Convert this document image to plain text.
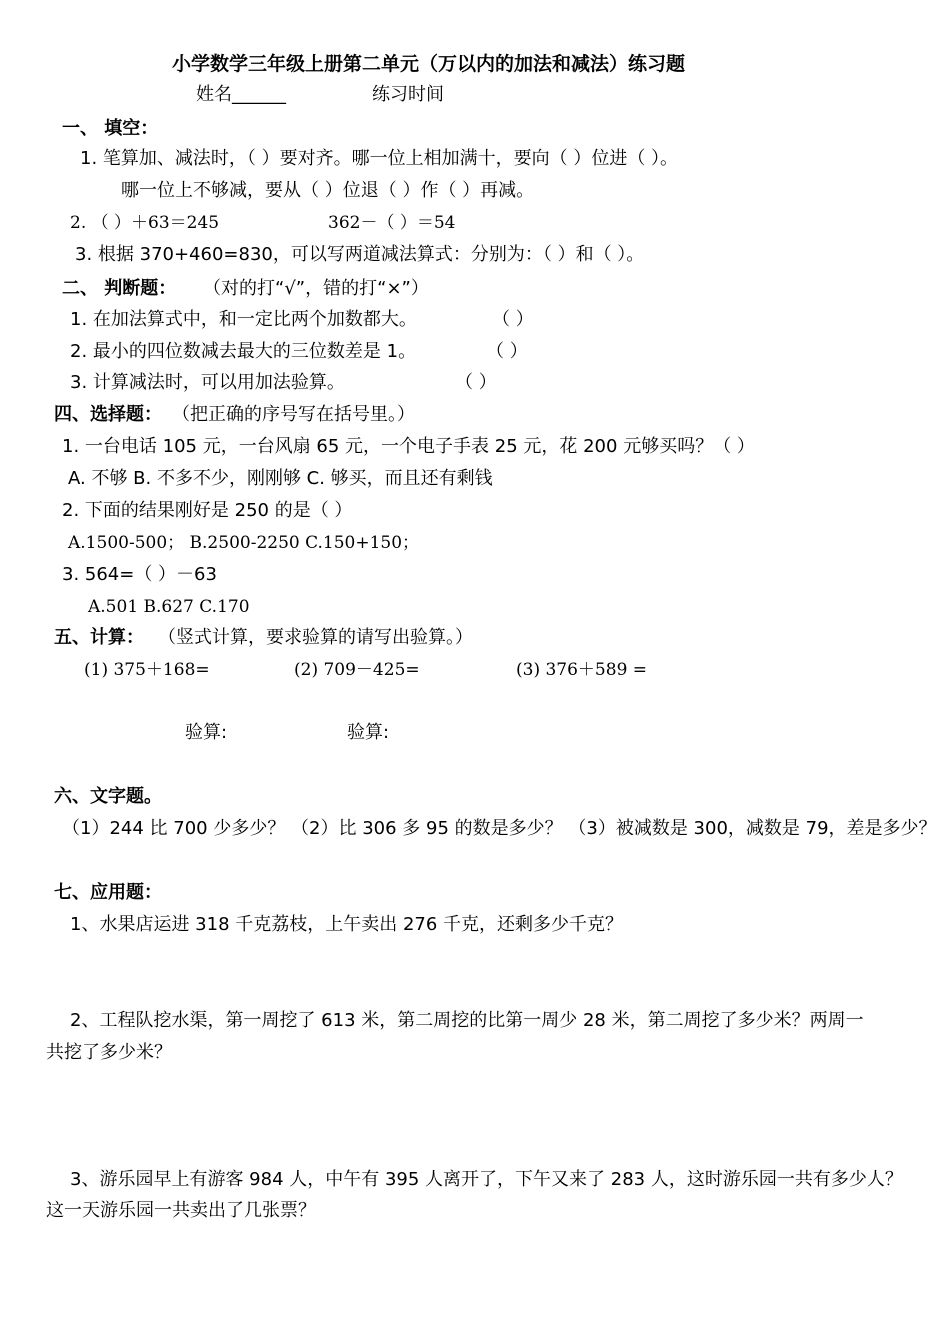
小学数学三年级上册第二单元（万以内的加法和减法）练习题
姓名______	练习时间
一、 填空：
1. 笔算加、减法时，（ ）要对齐。哪一位上相加满十，要向（ ）位进（ ）。
哪一位上不够减，要从（ ）位退（ ）作（ ）再减。
2. （ ）＋63＝245	362－（ ）＝54
3. 根据 370+460=830，可以写两道减法算式：分别为：（ ）和（ ）。
二、 判断题： （对的打“√”，错的打“×”）
1. 在加法算式中，和一定比两个加数都大。	（ ）
2. 最小的四位数减去最大的三位数差是 1。	（ ）
3. 计算减法时，可以用加法验算。	（ ）
四、选择题： （把正确的序号写在括号里。）
1. 一台电话 105 元，一台风扇 65 元，一个电子手表 25 元，花 200 元够买吗？（ ）
A. 不够 B. 不多不少，刚刚够 C. 够买，而且还有剩钱
2. 下面的结果刚好是 250 的是（ ）
A.1500-500； B.2500-2250 C.150+150；
3. 564=（ ）－63
A.501 B.627 C.170
五、计算： （竖式计算，要求验算的请写出验算。）
(1) 375＋168=	(2) 709－425=	(3) 376＋589 =
验算:	验算:
六、文字题。
（1）244 比 700 少多少？ （2）比 306 多 95 的数是多少？ （3）被减数是 300，减数是 79，差是多少？
七、应用题：
1、水果店运进 318 千克荔枝，上午卖出 276 千克，还剩多少千克？
2、工程队挖水渠，第一周挖了 613 米，第二周挖的比第一周少 28 米，第二周挖了多少米？两周一
共挖了多少米？
3、游乐园早上有游客 984 人，中午有 395 人离开了，下午又来了 283 人，这时游乐园一共有多少人？
这一天游乐园一共卖出了几张票？
